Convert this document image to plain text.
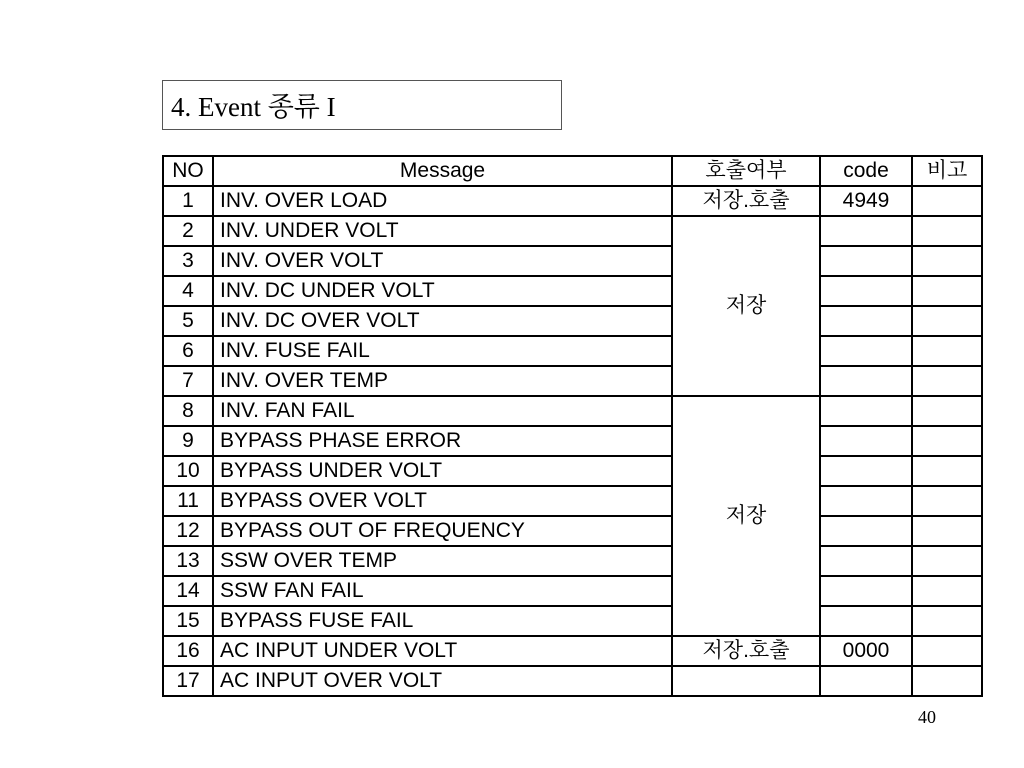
4. Event 종류 I
NO	Message	호출여부	code	비고
1	INV. OVER LOAD	저장.호출	4949	
2	INV. UNDER VOLT	저장		
3	INV. OVER VOLT			
4	INV. DC UNDER VOLT			
5	INV. DC OVER VOLT			
6	INV. FUSE FAIL			
7	INV. OVER TEMP			
8	INV. FAN FAIL	저장		
9	BYPASS PHASE ERROR			
10	BYPASS UNDER VOLT			
11	BYPASS OVER VOLT			
12	BYPASS OUT OF FREQUENCY			
13	SSW OVER TEMP			
14	SSW FAN FAIL			
15	BYPASS FUSE FAIL			
16	AC INPUT UNDER VOLT	저장.호출	0000	
17	AC INPUT OVER VOLT			
40
